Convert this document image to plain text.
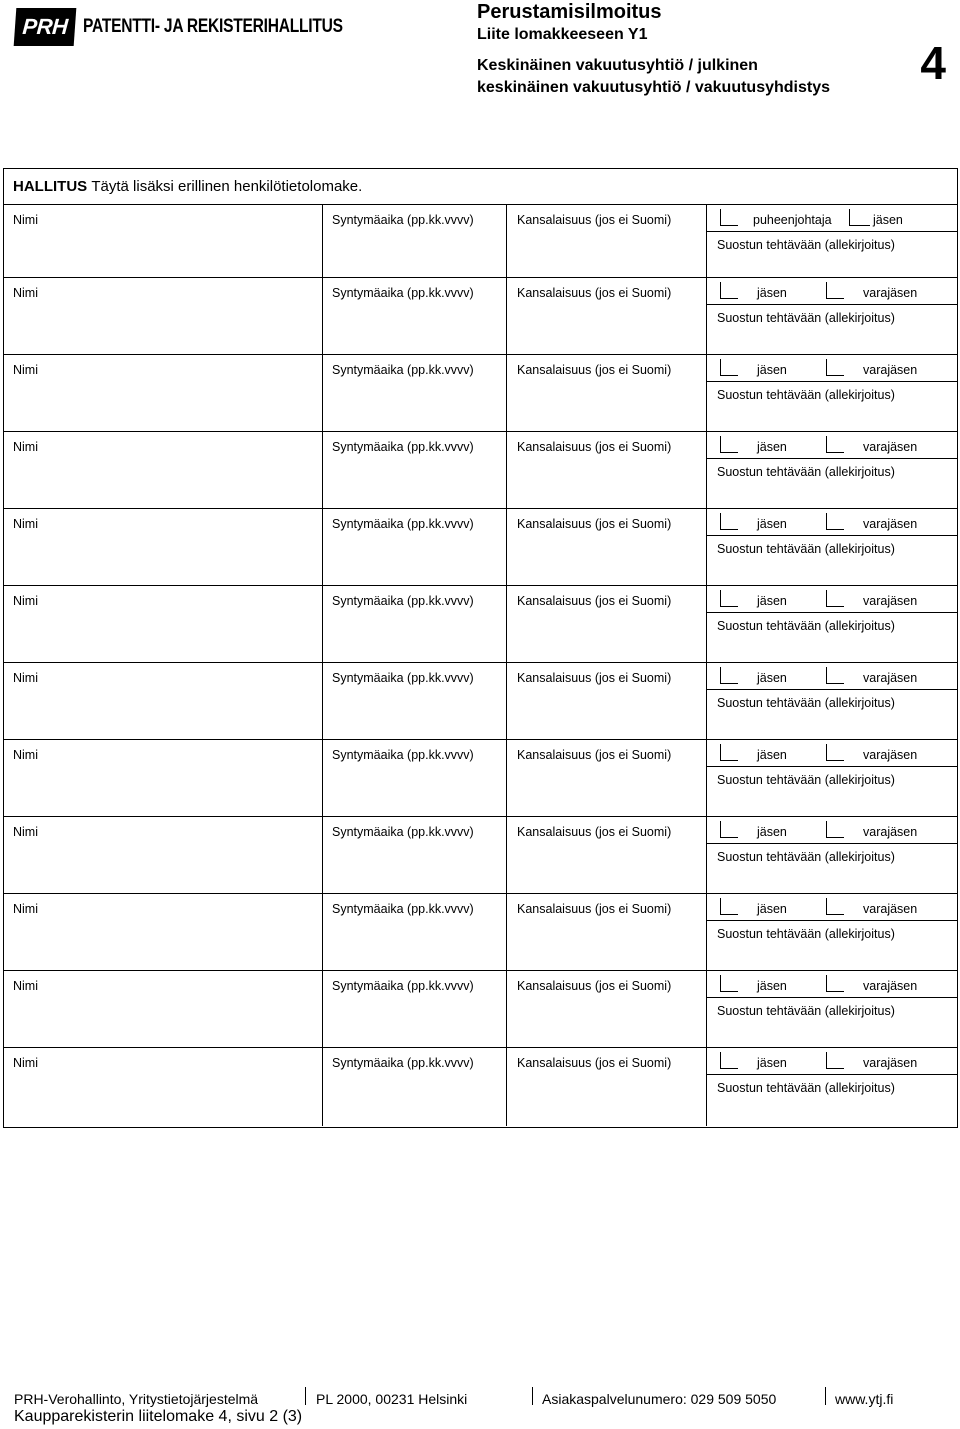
PRH PATENTTI- JA REKISTERIHALLITUS
Perustamisilmoitus
Liite lomakkeeseen Y1
Keskinäinen vakuutusyhtiö / julkinen keskinäinen vakuutusyhtiö / vakuutusyhdistys 4
HALLITUS
Täytä lisäksi erillinen henkilötietolomake.
Nimi	Syntymäaika (pp.kk.vvvv)	Kansalaisuus (jos ei Suomi)	puheenjohtaja	jäsen
Suostun tehtävään (allekirjoitus)
Nimi	Syntymäaika (pp.kk.vvvv)	Kansalaisuus (jos ei Suomi)	jäsen	varajäsen
Suostun tehtävään (allekirjoitus)
Nimi	Syntymäaika (pp.kk.vvvv)	Kansalaisuus (jos ei Suomi)	jäsen	varajäsen
Suostun tehtävään (allekirjoitus)
Nimi	Syntymäaika (pp.kk.vvvv)	Kansalaisuus (jos ei Suomi)	jäsen	varajäsen
Suostun tehtävään (allekirjoitus)
Nimi	Syntymäaika (pp.kk.vvvv)	Kansalaisuus (jos ei Suomi)	jäsen	varajäsen
Suostun tehtävään (allekirjoitus)
Nimi	Syntymäaika (pp.kk.vvvv)	Kansalaisuus (jos ei Suomi)	jäsen	varajäsen
Suostun tehtävään (allekirjoitus)
Nimi	Syntymäaika (pp.kk.vvvv)	Kansalaisuus (jos ei Suomi)	jäsen	varajäsen
Suostun tehtävään (allekirjoitus)
Nimi	Syntymäaika (pp.kk.vvvv)	Kansalaisuus (jos ei Suomi)	jäsen	varajäsen
Suostun tehtävään (allekirjoitus)
Nimi	Syntymäaika (pp.kk.vvvv)	Kansalaisuus (jos ei Suomi)	jäsen	varajäsen
Suostun tehtävään (allekirjoitus)
Nimi	Syntymäaika (pp.kk.vvvv)	Kansalaisuus (jos ei Suomi)	jäsen	varajäsen
Suostun tehtävään (allekirjoitus)
Nimi	Syntymäaika (pp.kk.vvvv)	Kansalaisuus (jos ei Suomi)	jäsen	varajäsen
Suostun tehtävään (allekirjoitus)
Nimi	Syntymäaika (pp.kk.vvvv)	Kansalaisuus (jos ei Suomi)	jäsen	varajäsen
Suostun tehtävään (allekirjoitus)
PRH-Verohallinto, Yritystietojärjestelmä	PL 2000, 00231 Helsinki	Asiakaspalvelunumero: 029 509 5050	www.ytj.fi
Kaupparekisterin liitelomake 4, sivu 2 (3)
